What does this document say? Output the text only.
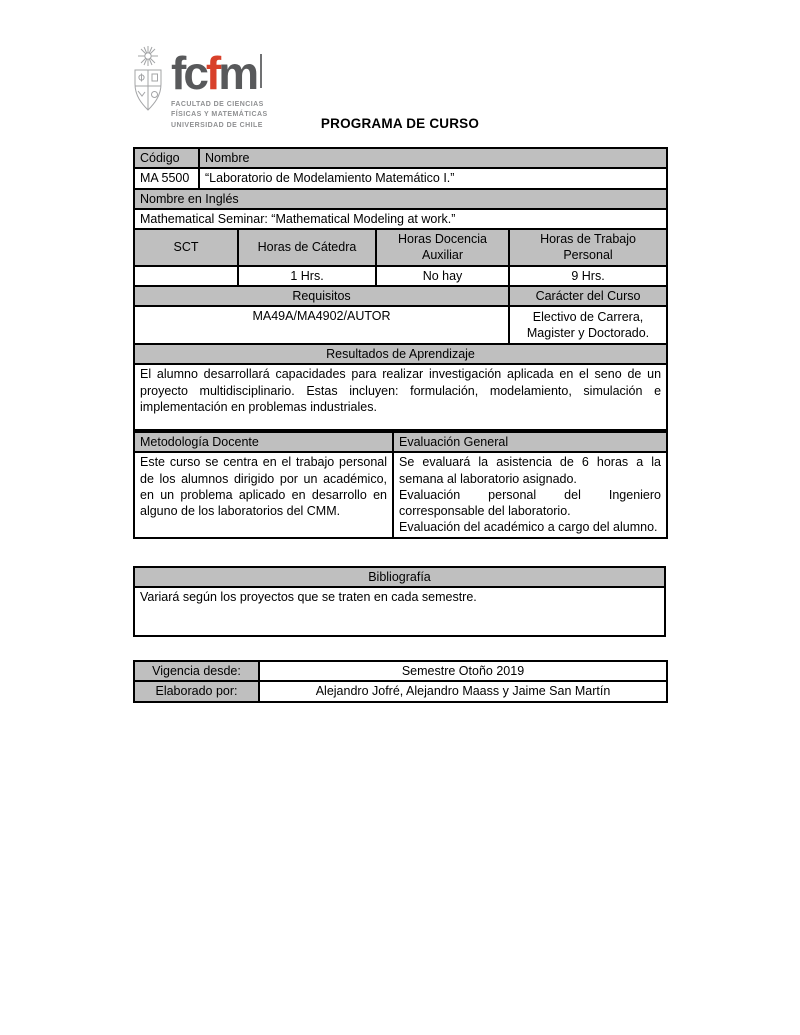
fc f m
FACULTAD DE CIENCIAS
FÍSICAS Y MATEMÁTICAS
UNIVERSIDAD DE CHILE	PROGRAMA DE CURSO
Código	Nombre			
MA 5500	“Laboratorio de Modelamiento Matemático I.”			
Nombre en Inglés				
Mathematical Seminar: “Mathematical Modeling at work.”				
SCT		Horas de Cátedra	Horas Docencia Auxiliar	Horas de Trabajo Personal
		1 Hrs.	No hay	9 Hrs.
Requisitos				Carácter del Curso
MA49A/MA4902/AUTOR				Electivo de Carrera, Magister y Doctorado.
Resultados de Aprendizaje				
El alumno desarrollará capacidades para realizar investigación aplicada en el seno de un proyecto multidisciplinario. Estas incluyen: formulación, modelamiento, simulación e implementación en problemas industriales.				
Metodología Docente	Evaluación General
Este curso se centra en el trabajo personal de los alumnos dirigido por un académico, en un problema aplicado en desarrollo en alguno de los laboratorios del CMM.	Se evaluará la asistencia de 6 horas a la semana al laboratorio asignado.
Evaluación personal del Ingeniero corresponsable del laboratorio.
Evaluación del académico a cargo del alumno.
Bibliografía
Variará según los proyectos que se traten en cada semestre.
Vigencia desde:	Semestre Otoño 2019
Elaborado por:	Alejandro Jofré, Alejandro Maass y Jaime San Martín
